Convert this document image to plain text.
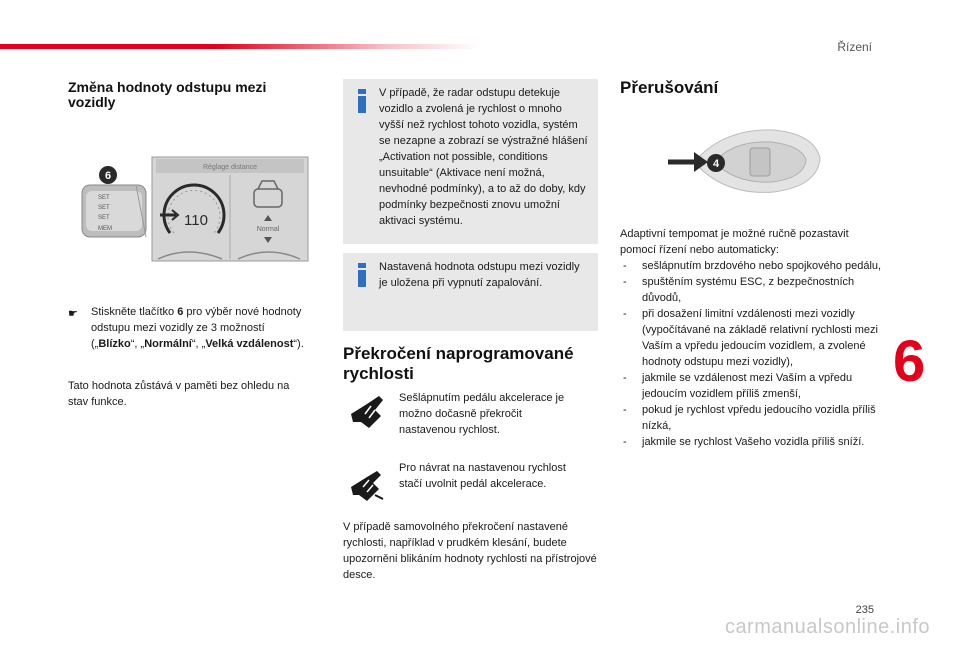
Řízení
6
235
carmanualsonline.info
Změna hodnoty odstupu mezi vozidly
SET
SET
SET
MEM
6
Réglage distance
110
Normal
☛	Stiskněte tlačítko 6 pro výběr nové hodnoty odstupu mezi vozidly ze 3 možností („Blízko“, „Normální“, „Velká vzdálenost“).
Tato hodnota zůstává v paměti bez ohledu na stav funkce.
V případě, že radar odstupu detekuje vozidlo a zvolená je rychlost o mnoho vyšší než rychlost tohoto vozidla, systém se nezapne a zobrazí se výstražné hlášení „Activation not possible, conditions unsuitable“ (Aktivace není možná, nevhodné podmínky), a to až do doby, kdy podmínky bezpečnosti znovu umožní aktivaci systému.
Nastavená hodnota odstupu mezi vozidly je uložena při vypnutí zapalování.
Překročení naprogramované rychlosti
Sešlápnutím pedálu akcelerace je možno dočasně překročit nastavenou rychlost.
Pro návrat na nastavenou rychlost stačí uvolnit pedál akcelerace.
V případě samovolného překročení nastavené rychlosti, například v prudkém klesání, budete upozorněni blikáním hodnoty rychlosti na přístrojové desce.
Přerušování
4
Adaptivní tempomat je možné ručně pozastavit pomocí řízení nebo automaticky:
- sešlápnutím brzdového nebo spojkového pedálu,
- spuštěním systému ESC, z bezpečnostních důvodů,
- při dosažení limitní vzdálenosti mezi vozidly (vypočítávané na základě relativní rychlosti mezi Vaším a vpředu jedoucím vozidlem, a zvolené hodnoty odstupu mezi vozidly),
- jakmile se vzdálenost mezi Vaším a vpředu jedoucím vozidlem příliš zmenší,
- pokud je rychlost vpředu jedoucího vozidla příliš nízká,
- jakmile se rychlost Vašeho vozidla příliš sníží.
